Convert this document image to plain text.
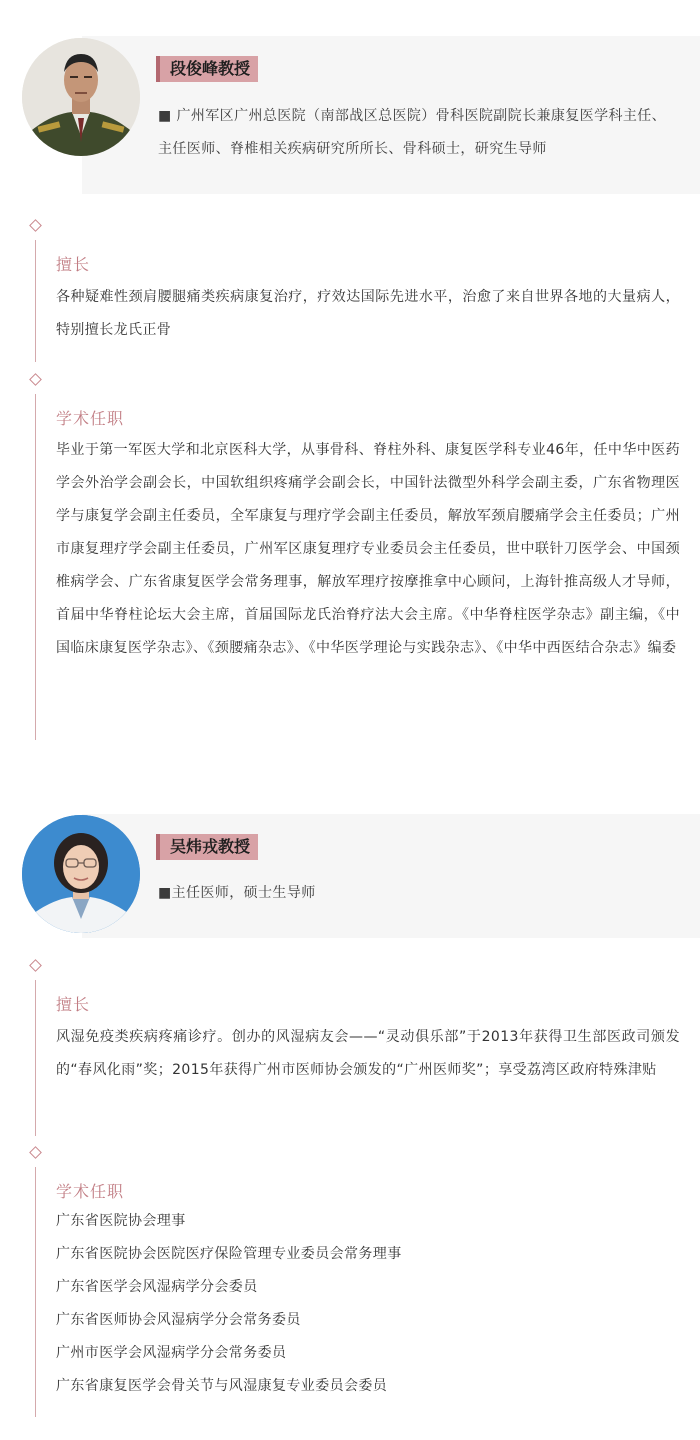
段俊峰教授
■ 广州军区广州总医院（南部战区总医院）骨科医院副院长兼康复医学科主任、主任医师、脊椎相关疾病研究所所长、骨科硕士，研究生导师
擅长
各种疑难性颈肩腰腿痛类疾病康复治疗，疗效达国际先进水平，治愈了来自世界各地的大量病人，特别擅长龙氏正骨
学术任职
毕业于第一军医大学和北京医科大学，从事骨科、脊柱外科、康复医学科专业46年，任中华中医药学会外治学会副会长，中国软组织疼痛学会副会长，中国针法微型外科学会副主委，广东省物理医学与康复学会副主任委员，全军康复与理疗学会副主任委员，解放军颈肩腰痛学会主任委员；广州市康复理疗学会副主任委员，广州军区康复理疗专业委员会主任委员，世中联针刀医学会、中国颈椎病学会、广东省康复医学会常务理事，解放军理疗按摩推拿中心顾问，上海针推高级人才导师，首届中华脊柱论坛大会主席，首届国际龙氏治脊疗法大会主席。《中华脊柱医学杂志》副主编，《中国临床康复医学杂志》、《颈腰痛杂志》、《中华医学理论与实践杂志》、《中华中西医结合杂志》编委
吴炜戎教授
■主任医师，硕士生导师
擅长
风湿免疫类疾病疼痛诊疗。创办的风湿病友会——“灵动俱乐部”于2013年获得卫生部医政司颁发的“春风化雨”奖；2015年获得广州市医师协会颁发的“广州医师奖”；享受荔湾区政府特殊津贴
学术任职
广东省医院协会理事
广东省医院协会医院医疗保险管理专业委员会常务理事
广东省医学会风湿病学分会委员
广东省医师协会风湿病学分会常务委员
广州市医学会风湿病学分会常务委员
广东省康复医学会骨关节与风湿康复专业委员会委员
